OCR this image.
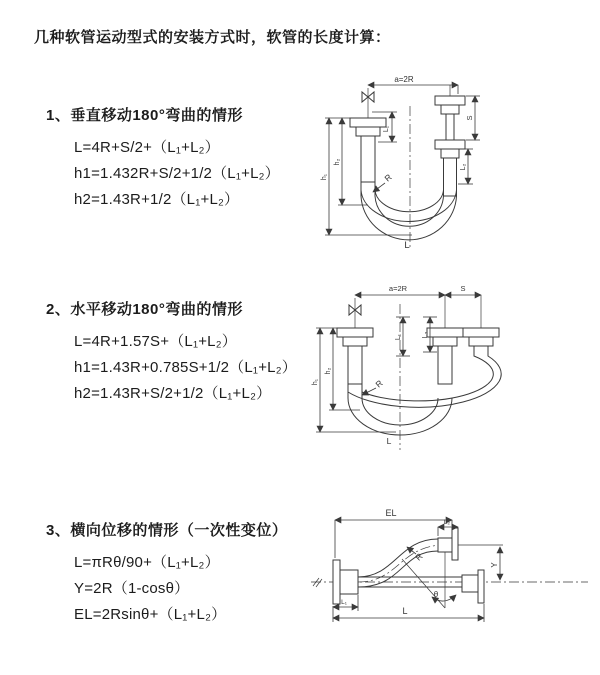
几种软管运动型式的安装方式时，软管的长度计算：
1、垂直移动180°弯曲的情形
L=4R+S/2+（L₁+L₂）
h1=1.432R+S/2+1/2（L₁+L₂）
h2=1.43R+1/2（L₁+L₂）
a=2R
L₁
S
L₂
h₁
h₂
R
L
2、水平移动180°弯曲的情形
L=4R+1.57S+（L₁+L₂）
h1=1.43R+0.785S+1/2（L₁+L₂）
h2=1.43R+S/2+1/2（L₁+L₂）
a=2R	S
L₁	L₂
h₁
h₂
R
L
3、横向位移的情形（一次性变位）
L=πRθ/90+（L₁+L₂）
Y=2R（1-cosθ）
EL=2Rsinθ+（L₁+L₂）
EL
L₂
Y
L
L₁
R
θ
